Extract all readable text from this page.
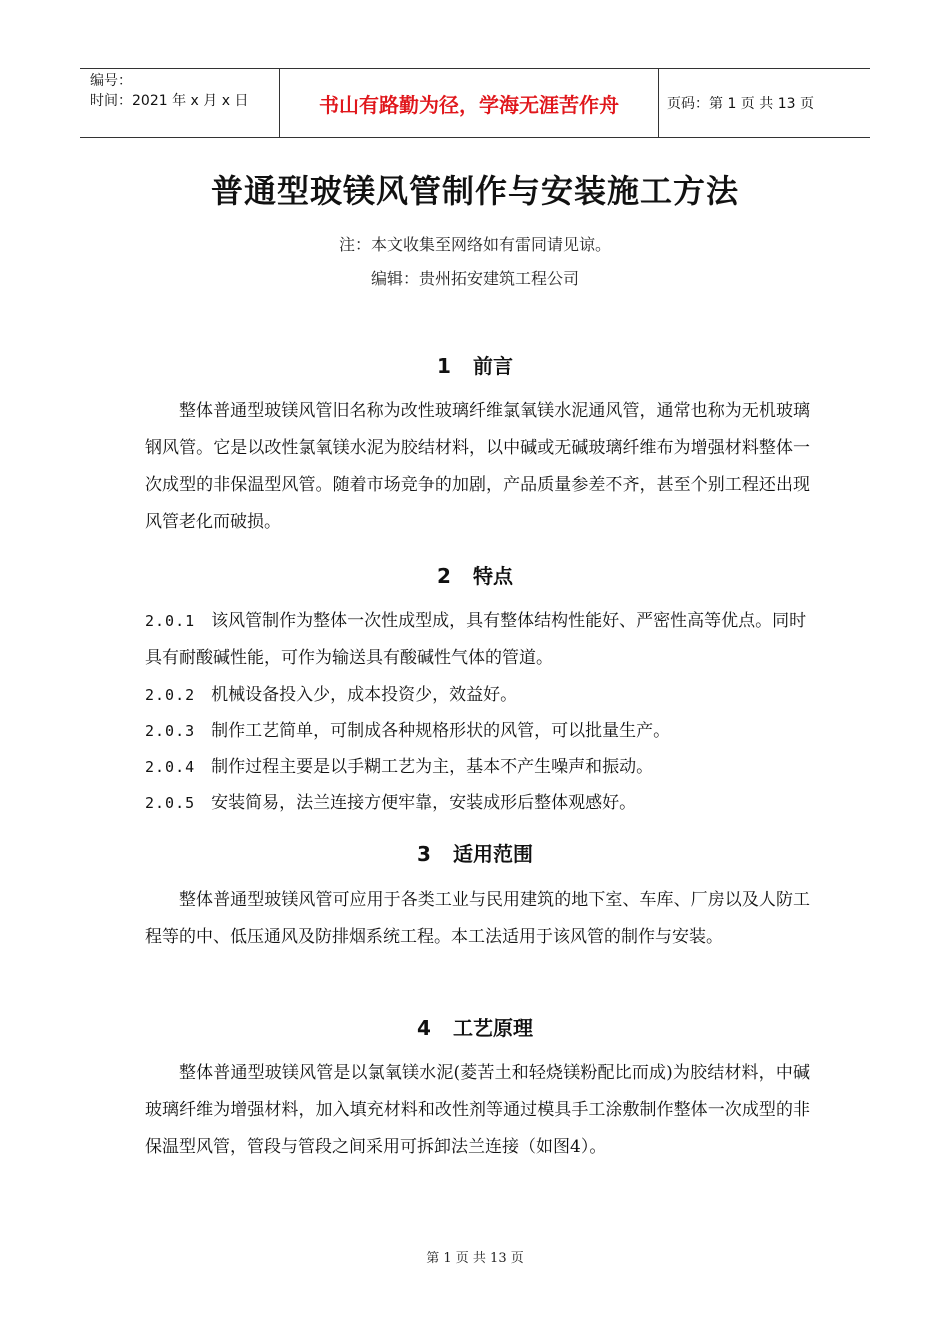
编号：
时间：2021 年 x 月 x 日	书山有路勤为径，学海无涯苦作舟	页码：第 1 页 共 13 页
普通型玻镁风管制作与安装施工方法
注：本文收集至网络如有雷同请见谅。
编辑：贵州拓安建筑工程公司
1 前言
整体普通型玻镁风管旧名称为改性玻璃纤维氯氧镁水泥通风管，通常也称为无机玻璃钢风管。它是以改性氯氧镁水泥为胶结材料，以中碱或无碱玻璃纤维布为增强材料整体一次成型的非保温型风管。随着市场竞争的加剧，产品质量参差不齐，甚至个别工程还出现风管老化而破损。
2 特点
2.0.1 该风管制作为整体一次性成型成，具有整体结构性能好、严密性高等优点。同时具有耐酸碱性能，可作为输送具有酸碱性气体的管道。
2.0.2 机械设备投入少，成本投资少，效益好。
2.0.3 制作工艺简单，可制成各种规格形状的风管，可以批量生产。
2.0.4 制作过程主要是以手糊工艺为主，基本不产生噪声和振动。
2.0.5 安装简易，法兰连接方便牢靠，安装成形后整体观感好。
3 适用范围
整体普通型玻镁风管可应用于各类工业与民用建筑的地下室、车库、厂房以及人防工程等的中、低压通风及防排烟系统工程。本工法适用于该风管的制作与安装。
4 工艺原理
整体普通型玻镁风管是以氯氧镁水泥(菱苦土和轻烧镁粉配比而成)为胶结材料，中碱玻璃纤维为增强材料，加入填充材料和改性剂等通过模具手工涂敷制作整体一次成型的非保温型风管，管段与管段之间采用可拆卸法兰连接（如图4）。
第 1 页 共 13 页
